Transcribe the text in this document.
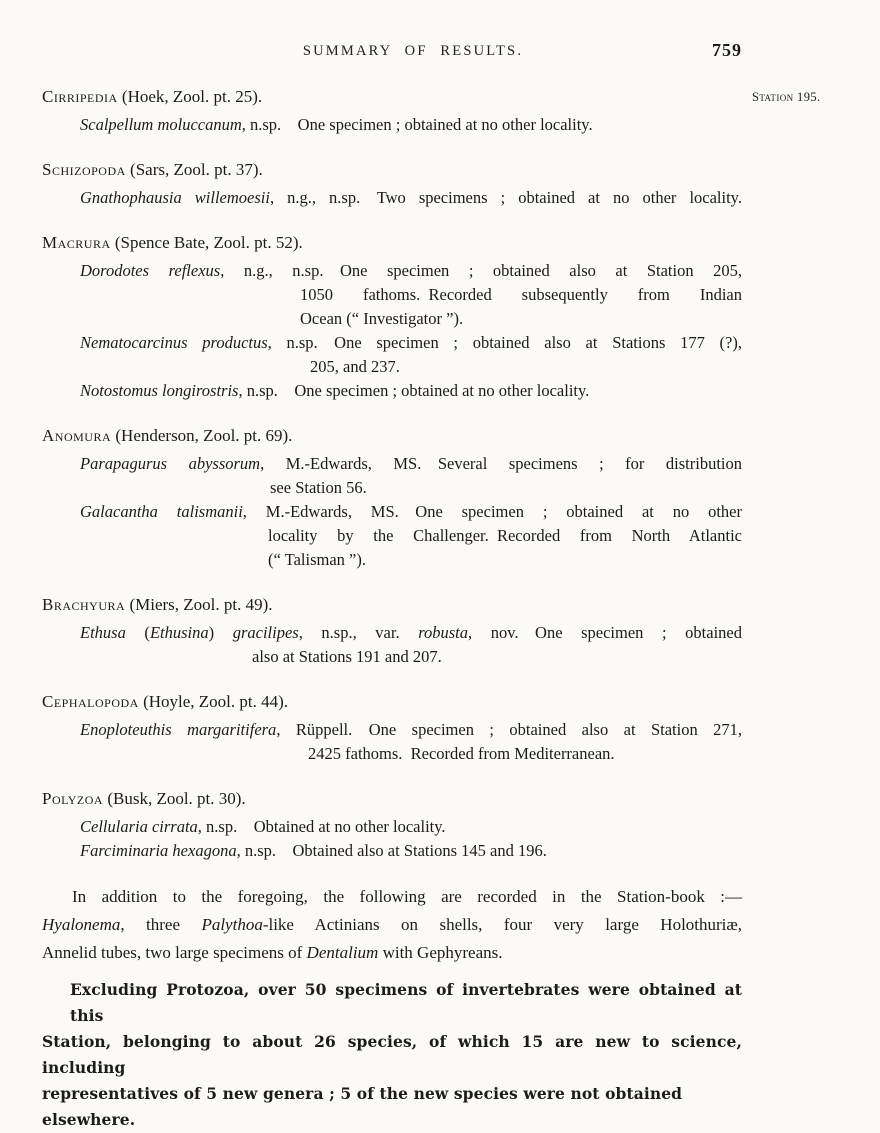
SUMMARY OF RESULTS.	759
Cirripedia (Hoek, Zool. pt. 25).
Scalpellum moluccanum, n.sp. One specimen ; obtained at no other locality.
Schizopoda (Sars, Zool. pt. 37).
Gnathophausia willemoesii, n.g., n.sp. Two specimens ; obtained at no other locality.
Macrura (Spence Bate, Zool. pt. 52).
Dorodotes reflexus, n.g., n.sp. One specimen ; obtained also at Station 205,
1050 fathoms. Recorded subsequently from Indian
Ocean (“ Investigator ”).
Nematocarcinus productus, n.sp. One specimen ; obtained also at Stations 177 (?),
205, and 237.
Notostomus longirostris, n.sp. One specimen ; obtained at no other locality.
Anomura (Henderson, Zool. pt. 69).
Parapagurus abyssorum, M.-Edwards, MS. Several specimens ; for distribution
see Station 56.
Galacantha talismanii, M.-Edwards, MS. One specimen ; obtained at no other
locality by the Challenger. Recorded from North Atlantic
(“ Talisman ”).
Brachyura (Miers, Zool. pt. 49).
Ethusa (Ethusina) gracilipes, n.sp., var. robusta, nov. One specimen ; obtained
also at Stations 191 and 207.
Cephalopoda (Hoyle, Zool. pt. 44).
Enoploteuthis margaritifera, Rüppell. One specimen ; obtained also at Station 271,
2425 fathoms. Recorded from Mediterranean.
Polyzoa (Busk, Zool. pt. 30).
Cellularia cirrata, n.sp. Obtained at no other locality.
Farciminaria hexagona, n.sp. Obtained also at Stations 145 and 196.
In addition to the foregoing, the following are recorded in the Station-book :—
Hyalonema, three Palythoa-like Actinians on shells, four very large Holothuriæ,
Annelid tubes, two large specimens of Dentalium with Gephyreans.
Excluding Protozoa, over 50 specimens of invertebrates were obtained at this
Station, belonging to about 26 species, of which 15 are new to science, including
representatives of 5 new genera ; 5 of the new species were not obtained elsewhere.
Station 195.
